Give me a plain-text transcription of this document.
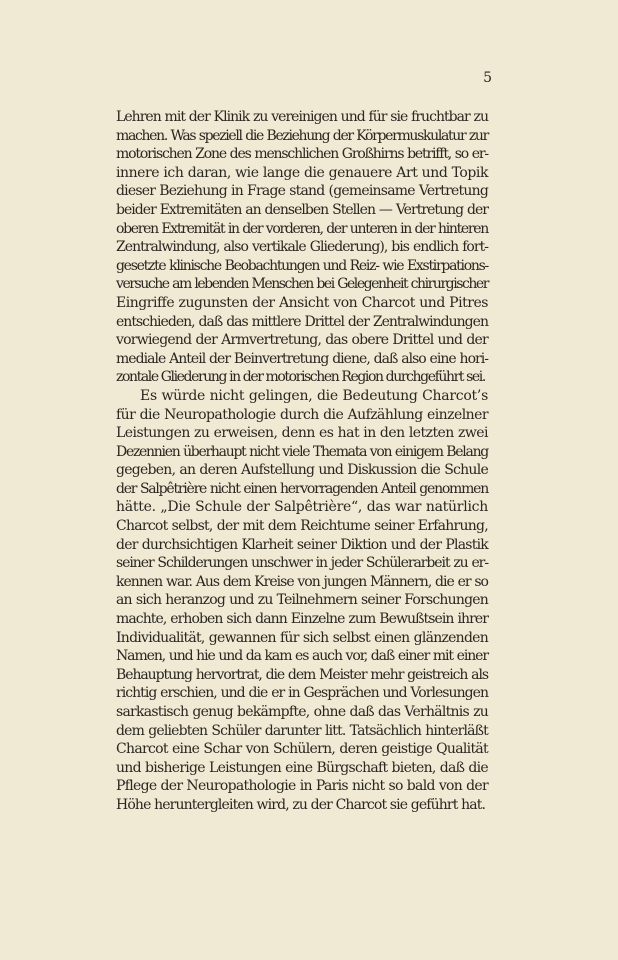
5
Lehren mit der Klinik zu vereinigen und für sie fruchtbar zu
machen. Was speziell die Beziehung der Körpermuskulatur zur
motorischen Zone des menschlichen Großhirns betrifft, so er-
innere ich daran, wie lange die genauere Art und Topik
dieser Beziehung in Frage stand (gemeinsame Vertretung
beider Extremitäten an denselben Stellen — Vertretung der
oberen Extremität in der vorderen, der unteren in der hinteren
Zentralwindung, also vertikale Gliederung), bis endlich fort-
gesetzte klinische Beobachtungen und Reiz- wie Exstirpations-
versuche am lebenden Menschen bei Gelegenheit chirurgischer
Eingriffe zugunsten der Ansicht von Charcot und Pitres
entschieden, daß das mittlere Drittel der Zentralwindungen
vorwiegend der Armvertretung, das obere Drittel und der
mediale Anteil der Beinvertretung diene, daß also eine hori-
zontale Gliederung in der motorischen Region durchgeführt sei.
Es würde nicht gelingen, die Bedeutung Charcot’s
für die Neuropathologie durch die Aufzählung einzelner
Leistungen zu erweisen, denn es hat in den letzten zwei
Dezennien überhaupt nicht viele Themata von einigem Belang
gegeben, an deren Aufstellung und Diskussion die Schule
der Salpêtrière nicht einen hervorragenden Anteil genommen
hätte. „Die Schule der Salpêtrière“, das war natürlich
Charcot selbst, der mit dem Reichtume seiner Erfahrung,
der durchsichtigen Klarheit seiner Diktion und der Plastik
seiner Schilderungen unschwer in jeder Schülerarbeit zu er-
kennen war. Aus dem Kreise von jungen Männern, die er so
an sich heranzog und zu Teilnehmern seiner Forschungen
machte, erhoben sich dann Einzelne zum Bewußtsein ihrer
Individualität, gewannen für sich selbst einen glänzenden
Namen, und hie und da kam es auch vor, daß einer mit einer
Behauptung hervortrat, die dem Meister mehr geistreich als
richtig erschien, und die er in Gesprächen und Vorlesungen
sarkastisch genug bekämpfte, ohne daß das Verhältnis zu
dem geliebten Schüler darunter litt. Tatsächlich hinterläßt
Charcot eine Schar von Schülern, deren geistige Qualität
und bisherige Leistungen eine Bürgschaft bieten, daß die
Pflege der Neuropathologie in Paris nicht so bald von der
Höhe heruntergleiten wird, zu der Charcot sie geführt hat.
